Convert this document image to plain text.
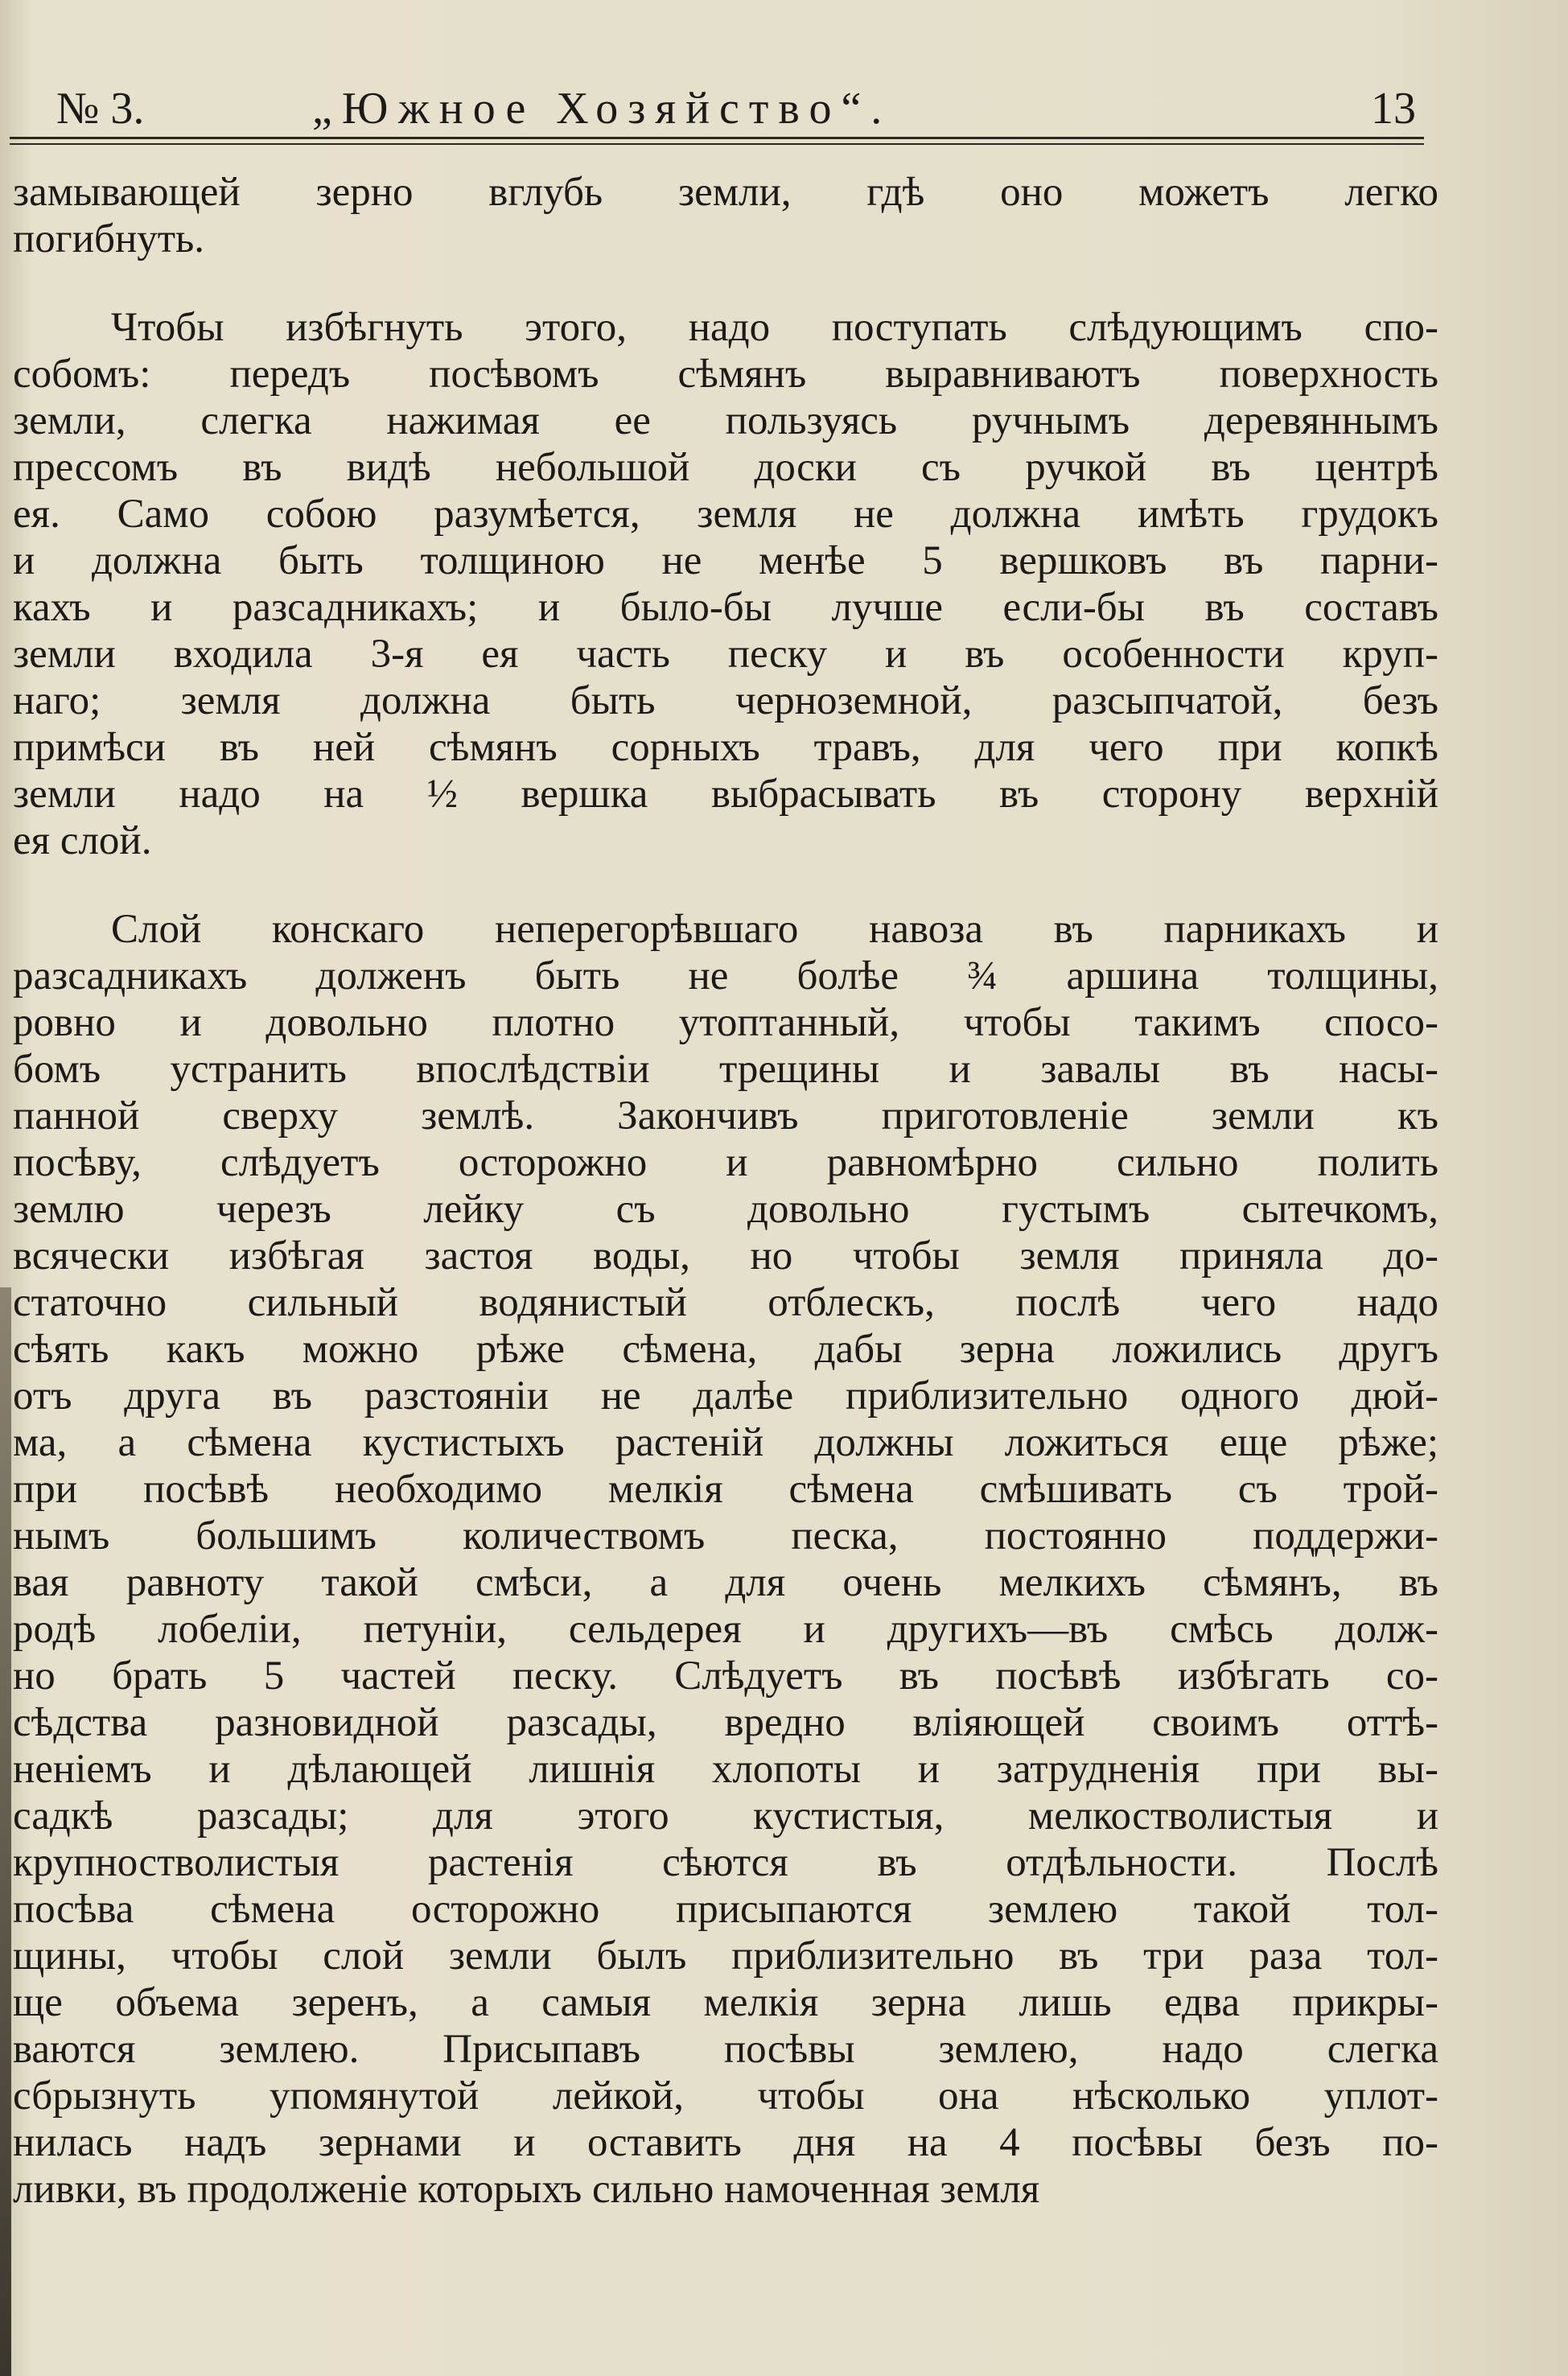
№ 3.	„Южное Хозяйство“.	13
замывающей зерно вглубь земли, гдѣ оно можетъ легко
погибнуть.
Чтобы избѣгнуть этого, надо поступать слѣдующимъ спо-
собомъ: передъ посѣвомъ сѣмянъ выравниваютъ поверхность
земли, слегка нажимая ее пользуясь ручнымъ деревяннымъ
прессомъ въ видѣ небольшой доски съ ручкой въ центрѣ
ея. Само собою разумѣется, земля не должна имѣть грудокъ
и должна быть толщиною не менѣе 5 вершковъ въ парни-
кахъ и разсадникахъ; и было-бы лучше если-бы въ составъ
земли входила 3-я ея часть песку и въ особенности круп-
наго; земля должна быть черноземной, разсыпчатой, безъ
примѣси въ ней сѣмянъ сорныхъ травъ, для чего при копкѣ
земли надо на ½ вершка выбрасывать въ сторону верхнiй
ея слой.
Слой конскаго неперегорѣвшаго навоза въ парникахъ и
разсадникахъ долженъ быть не болѣе ¾ аршина толщины,
ровно и довольно плотно утоптанный, чтобы такимъ спосо-
бомъ устранить впослѣдствiи трещины и завалы въ насы-
панной сверху землѣ. Закончивъ приготовленiе земли къ
посѣву, слѣдуетъ осторожно и равномѣрно сильно полить
землю черезъ лейку съ довольно густымъ сытечкомъ,
всячески избѣгая застоя воды, но чтобы земля приняла до-
статочно сильный водянистый отблескъ, послѣ чего надо
сѣять какъ можно рѣже сѣмена, дабы зерна ложились другъ
отъ друга въ разстоянiи не далѣе приблизительно одного дюй-
ма, а сѣмена кустистыхъ растенiй должны ложиться еще рѣже;
при посѣвѣ необходимо мелкiя сѣмена смѣшивать съ трой-
нымъ большимъ количествомъ песка, постоянно поддержи-
вая равноту такой смѣси, а для очень мелкихъ сѣмянъ, въ
родѣ лобелiи, петунiи, сельдерея и другихъ—въ смѣсь долж-
но брать 5 частей песку. Слѣдуетъ въ посѣвѣ избѣгать со-
сѣдства разновидной разсады, вредно влiяющей своимъ оттѣ-
ненiемъ и дѣлающей лишнiя хлопоты и затрудненiя при вы-
садкѣ разсады; для этого кустистыя, мелкостволистыя и
крупностволистыя растенiя сѣются въ отдѣльности. Послѣ
посѣва сѣмена осторожно присыпаются землею такой тол-
щины, чтобы слой земли былъ приблизительно въ три раза тол-
ще объема зеренъ, а самыя мелкiя зерна лишь едва прикры-
ваются землею. Присыпавъ посѣвы землею, надо слегка
сбрызнуть упомянутой лейкой, чтобы она нѣсколько уплот-
нилась надъ зернами и оставить дня на 4 посѣвы безъ по-
ливки, въ продолженiе которыхъ сильно намоченная земля
